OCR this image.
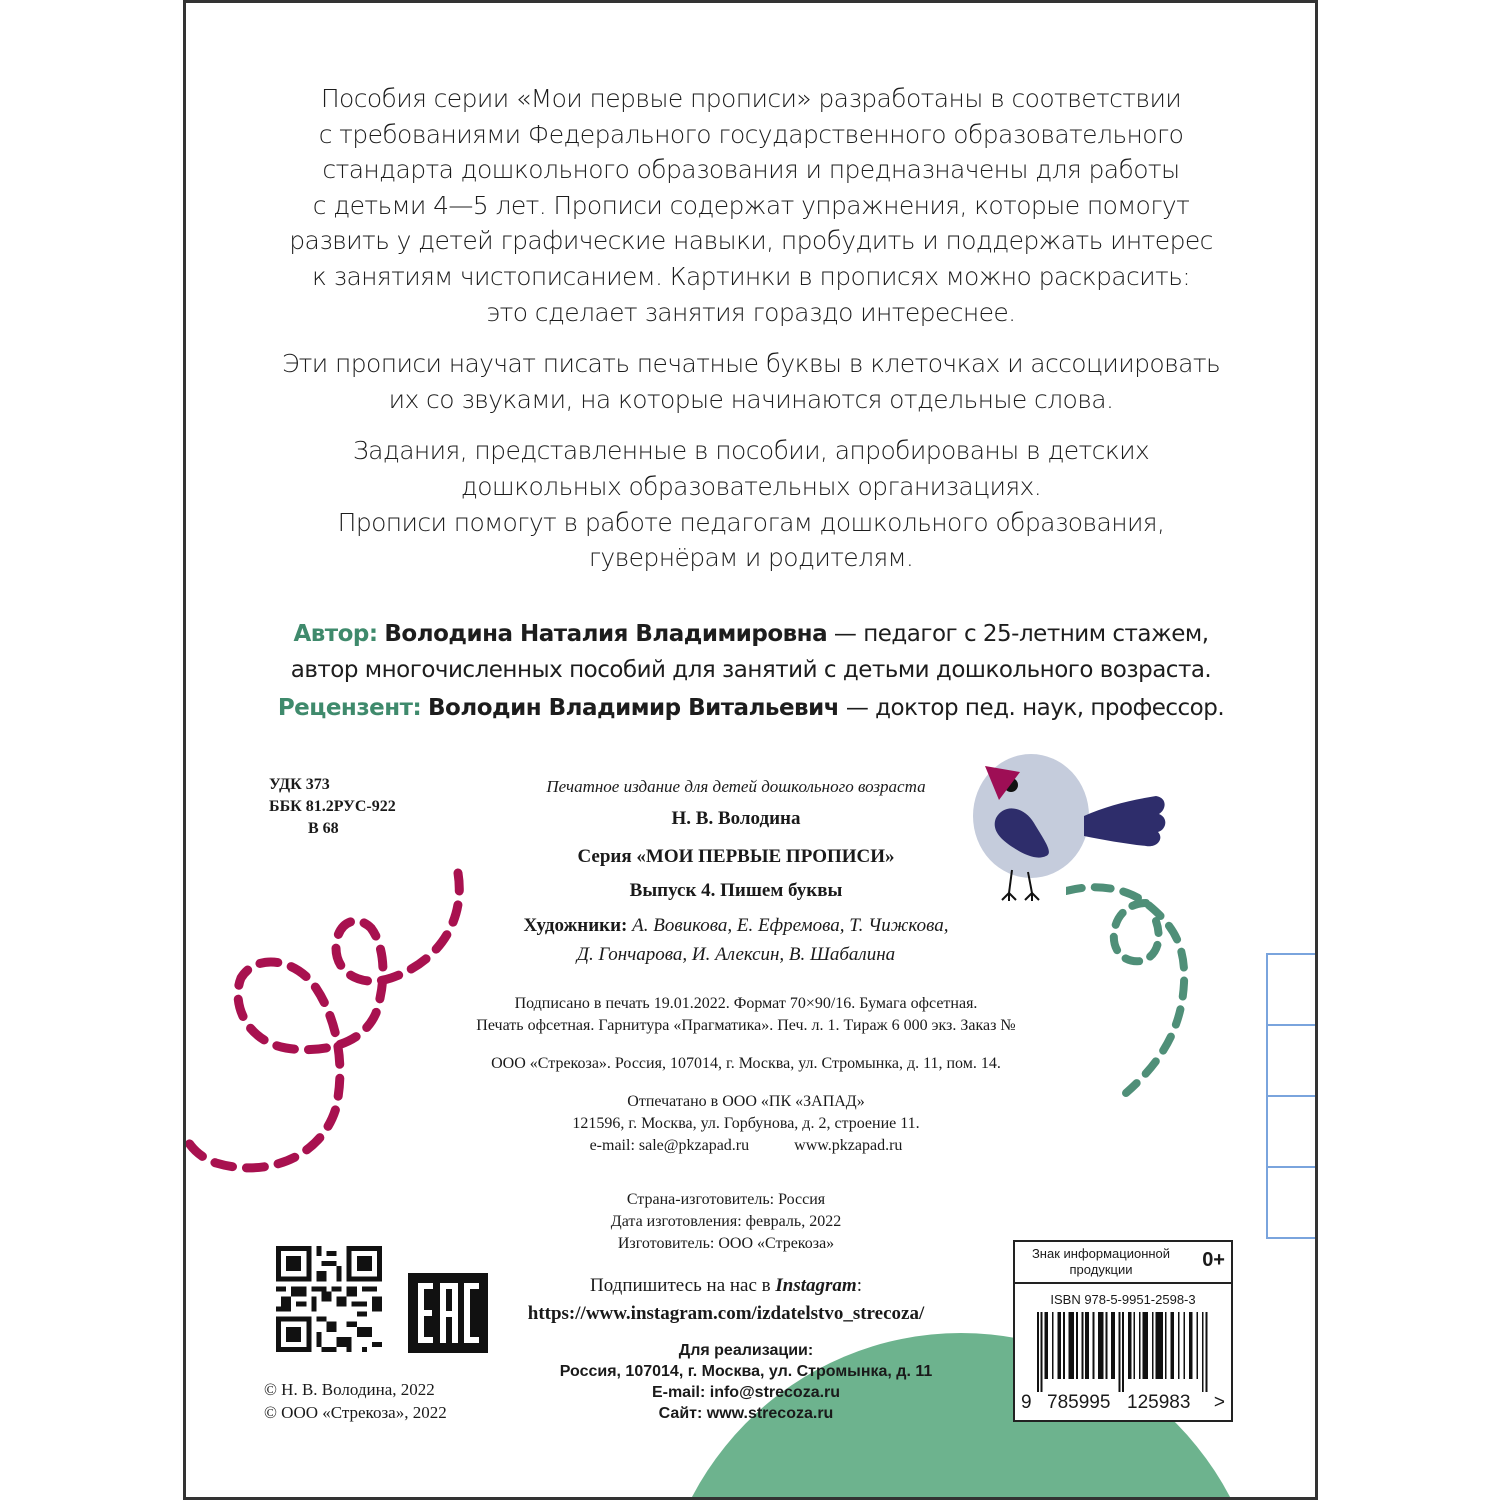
Пособия серии «Мои первые прописи» разработаны в соответствии
с требованиями Федерального государственного образовательного
стандарта дошкольного образования и предназначены для работы
с детьми 4—5 лет. Прописи содержат упражнения, которые помогут
развить у детей графические навыки, пробудить и поддержать интерес
к занятиям чистописанием. Картинки в прописях можно раскрасить:
это сделает занятия гораздо интереснее.

Эти прописи научат писать печатные буквы в клеточках и ассоциировать
их со звуками, на которые начинаются отдельные слова.

Задания, представленные в пособии, апробированы в детских
дошкольных образовательных организациях.
Прописи помогут в работе педагогам дошкольного образования,
гувернёрам и родителям.

Автор: Володина Наталия Владимировна — педагог с 25-летним стажем,
автор многочисленных пособий для занятий с детьми дошкольного возраста.
Рецензент: Володин Владимир Витальевич — доктор пед. наук, профессор.
УДК 373
ББК 81.2РУС-922
В 68
Печатное издание для детей дошкольного возраста
Н. В. Володина
Серия «МОИ ПЕРВЫЕ ПРОПИСИ»
Выпуск 4. Пишем буквы
Художники: А. Вовикова, Е. Ефремова, Т. Чижкова,
Д. Гончарова, И. Алексин, В. Шабалина
Подписано в печать 19.01.2022. Формат 70×90/16. Бумага офсетная.
Печать офсетная. Гарнитура «Прагматика». Печ. л. 1. Тираж 6 000 экз. Заказ №
ООО «Стрекоза». Россия, 107014, г. Москва, ул. Стромынка, д. 11, пом. 14.
Отпечатано в ООО «ПК «ЗАПАД»
121596, г. Москва, ул. Горбунова, д. 2, строение 11.
e-mail: sale@pkzapad.ru	www.pkzapad.ru
Страна-изготовитель: Россия
Дата изготовления: февраль, 2022
Изготовитель: ООО «Стрекоза»
Подпишитесь на нас в Instagram:
https://www.instagram.com/izdatelstvo_strecoza/
Для реализации:
Россия, 107014, г. Москва, ул. Стромынка, д. 11
E-mail: info@strecoza.ru
Сайт: www.strecoza.ru
© Н. В. Володина, 2022
© ООО «Стрекоза», 2022
Знак информационной продукции	0+
ISBN 978-5-9951-2598-3
9 785995 125983 >
